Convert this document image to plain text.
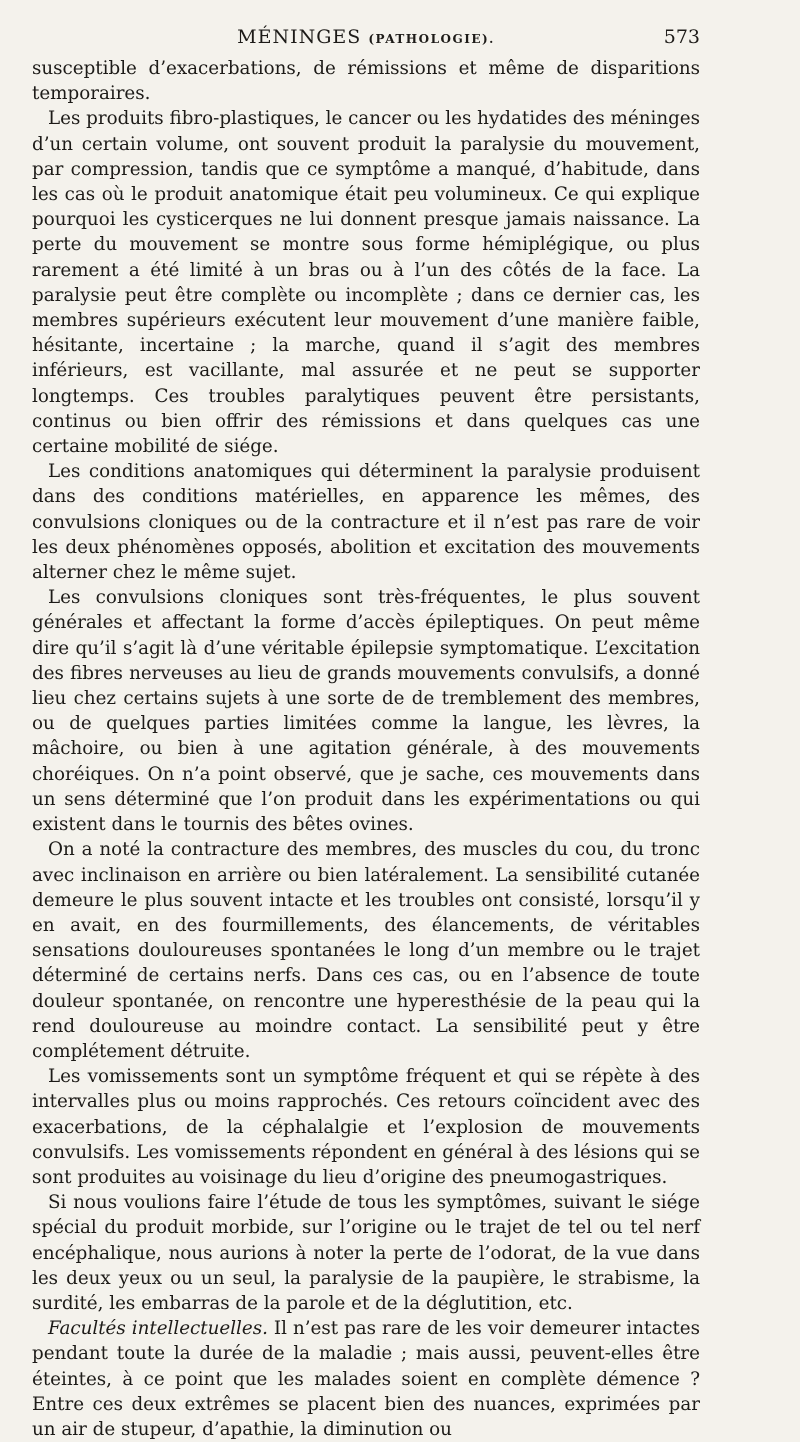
MÉNINGES (PATHOLOGIE).	573

susceptible d’exacerbations, de rémissions et même de disparitions temporaires.

Les produits fibro-plastiques, le cancer ou les hydatides des méninges d’un certain volume, ont souvent produit la paralysie du mouvement, par compression, tandis que ce symptôme a manqué, d’habitude, dans les cas où le produit anatomique était peu volumineux. Ce qui explique pourquoi les cysticerques ne lui donnent presque jamais naissance. La perte du mouvement se montre sous forme hémiplégique, ou plus rarement a été limité à un bras ou à l’un des côtés de la face. La paralysie peut être complète ou incomplète ; dans ce dernier cas, les membres supérieurs exécutent leur mouvement d’une manière faible, hésitante, incertaine ; la marche, quand il s’agit des membres inférieurs, est vacillante, mal assurée et ne peut se supporter longtemps. Ces troubles paralytiques peuvent être persistants, continus ou bien offrir des rémissions et dans quelques cas une certaine mobilité de siége.

Les conditions anatomiques qui déterminent la paralysie produisent dans des conditions matérielles, en apparence les mêmes, des convulsions cloniques ou de la contracture et il n’est pas rare de voir les deux phénomènes opposés, abolition et excitation des mouvements alterner chez le même sujet.

Les convulsions cloniques sont très-fréquentes, le plus souvent générales et affectant la forme d’accès épileptiques. On peut même dire qu’il s’agit là d’une véritable épilepsie symptomatique. L’excitation des fibres nerveuses au lieu de grands mouvements convulsifs, a donné lieu chez certains sujets à une sorte de de tremblement des membres, ou de quelques parties limitées comme la langue, les lèvres, la mâchoire, ou bien à une agitation générale, à des mouvements choréiques. On n’a point observé, que je sache, ces mouvements dans un sens déterminé que l’on produit dans les expérimentations ou qui existent dans le tournis des bêtes ovines.

On a noté la contracture des membres, des muscles du cou, du tronc avec inclinaison en arrière ou bien latéralement. La sensibilité cutanée demeure le plus souvent intacte et les troubles ont consisté, lorsqu’il y en avait, en des fourmillements, des élancements, de véritables sensations douloureuses spontanées le long d’un membre ou le trajet déterminé de certains nerfs. Dans ces cas, ou en l’absence de toute douleur spontanée, on rencontre une hyperesthésie de la peau qui la rend douloureuse au moindre contact. La sensibilité peut y être complétement détruite.

Les vomissements sont un symptôme fréquent et qui se répète à des intervalles plus ou moins rapprochés. Ces retours coïncident avec des exacerbations, de la céphalalgie et l’explosion de mouvements convulsifs. Les vomissements répondent en général à des lésions qui se sont produites au voisinage du lieu d’origine des pneumogastriques.

Si nous voulions faire l’étude de tous les symptômes, suivant le siége spécial du produit morbide, sur l’origine ou le trajet de tel ou tel nerf encéphalique, nous aurions à noter la perte de l’odorat, de la vue dans les deux yeux ou un seul, la paralysie de la paupière, le strabisme, la surdité, les embarras de la parole et de la déglutition, etc.

Facultés intellectuelles. Il n’est pas rare de les voir demeurer intactes pendant toute la durée de la maladie ; mais aussi, peuvent-elles être éteintes, à ce point que les malades soient en complète démence ? Entre ces deux extrêmes se placent bien des nuances, exprimées par un air de stupeur, d’apathie, la diminution ou
